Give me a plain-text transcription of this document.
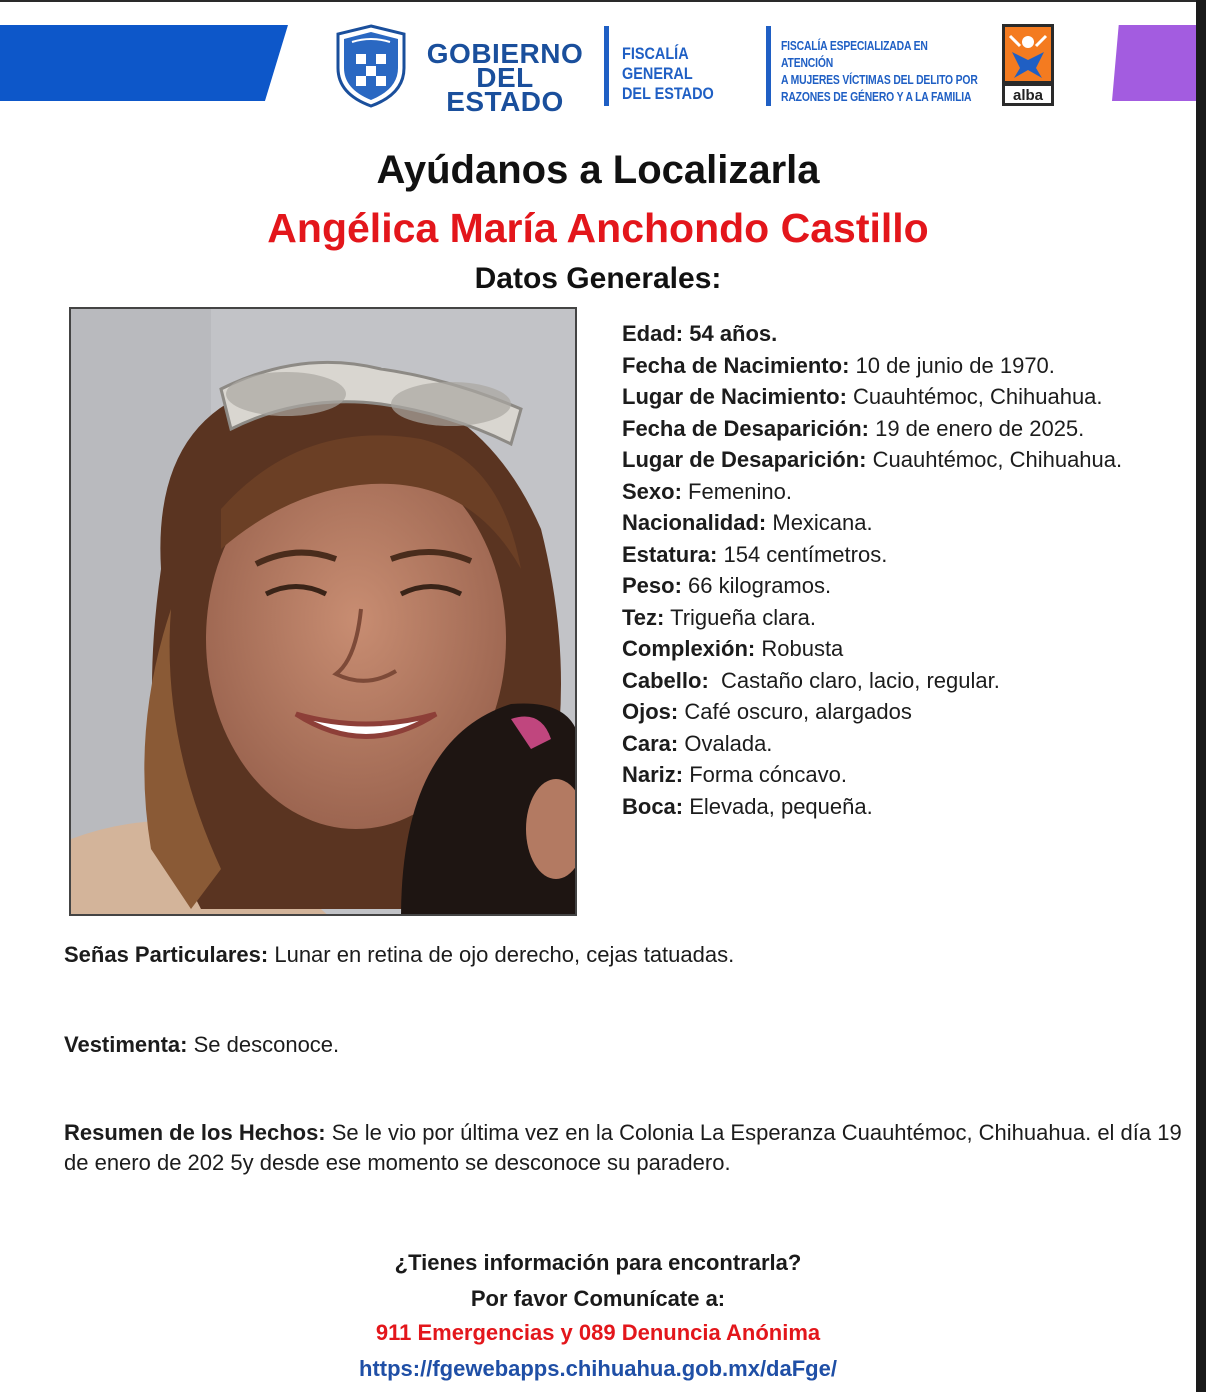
GOBIERNO
DEL ESTADO
FISCALÍA GENERAL
DEL ESTADO
FISCALÍA ESPECIALIZADA EN ATENCIÓN
A MUJERES VÍCTIMAS DEL DELITO POR
RAZONES DE GÉNERO Y A LA FAMILIA	alba
Ayúdanos a Localizarla
Angélica María Anchondo Castillo
Datos Generales:
Edad: 54 años.
Fecha de Nacimiento: 10 de junio de 1970.
Lugar de Nacimiento: Cuauhtémoc, Chihuahua.
Fecha de Desaparición: 19 de enero de 2025.
Lugar de Desaparición: Cuauhtémoc, Chihuahua.
Sexo: Femenino.
Nacionalidad: Mexicana.
Estatura: 154 centímetros.
Peso: 66 kilogramos.
Tez: Trigueña clara.
Complexión: Robusta
Cabello:  Castaño claro, lacio, regular.
Ojos: Café oscuro, alargados
Cara: Ovalada.
Nariz: Forma cóncavo.
Boca: Elevada, pequeña.
Señas Particulares: Lunar en retina de ojo derecho, cejas tatuadas.
Vestimenta: Se desconoce.
Resumen de los Hechos: Se le vio por última vez en la Colonia La Esperanza Cuauhtémoc, Chihuahua. el día 19 de enero de 202 5y desde ese momento se desconoce su paradero.
¿Tienes información para encontrarla?
Por favor Comunícate a:
911 Emergencias y 089 Denuncia Anónima
https://fgewebapps.chihuahua.gob.mx/daFge/
